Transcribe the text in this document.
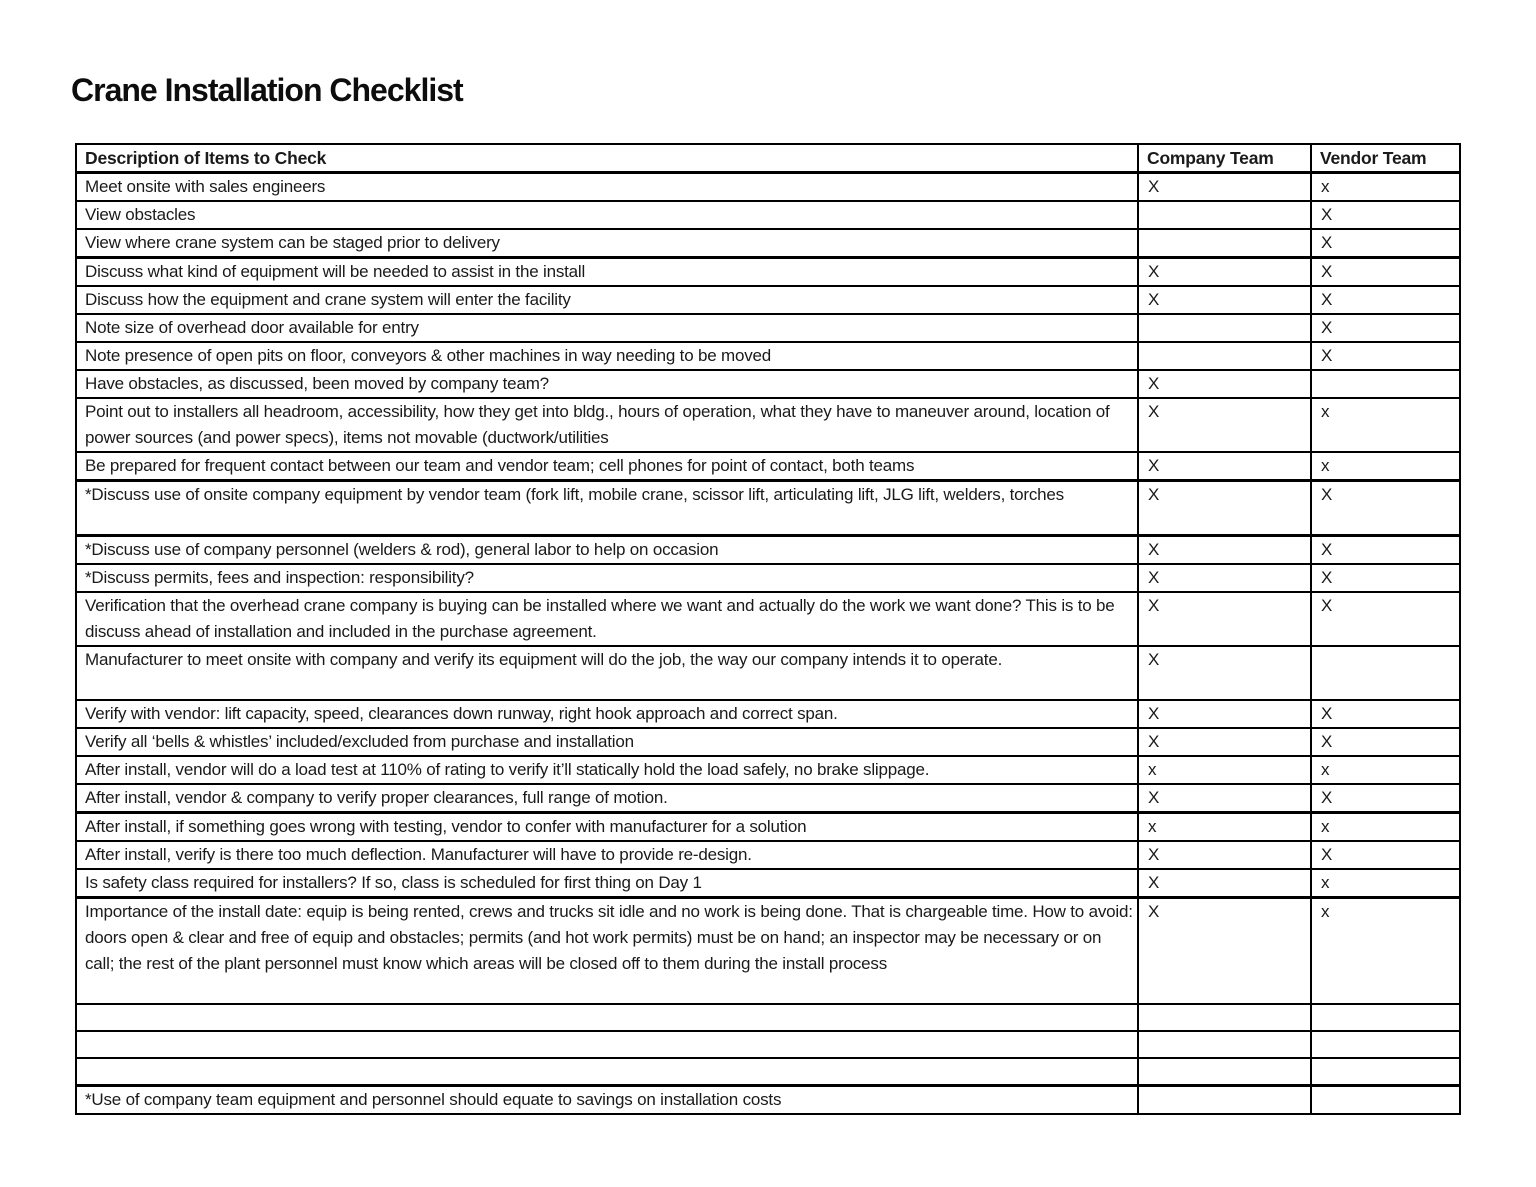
Crane Installation Checklist
Description of Items to Check	Company Team	Vendor Team
Meet onsite with sales engineers	X	x
View obstacles		X
View where crane system can be staged prior to delivery		X
Discuss what kind of equipment will be needed to assist in the install	X	X
Discuss how the equipment and crane system will enter the facility	X	X
Note size of overhead door available for entry		X
Note presence of open pits on floor, conveyors & other machines in way needing to be moved		X
Have obstacles, as discussed, been moved by company team?	X	
Point out to installers all headroom, accessibility, how they get into bldg., hours of operation, what they have to maneuver around, location of power sources (and power specs), items not movable (ductwork/utilities	X	x
Be prepared for frequent contact between our team and vendor team; cell phones for point of contact, both teams	X	x
*Discuss use of onsite company equipment by vendor team (fork lift, mobile crane, scissor lift, articulating lift, JLG lift, welders, torches	X	X
*Discuss use of company personnel (welders & rod), general labor to help on occasion	X	X
*Discuss permits, fees and inspection: responsibility?	X	X
Verification that the overhead crane company is buying can be installed where we want and actually do the work we want done? This is to be discuss ahead of installation and included in the purchase agreement.	X	X
Manufacturer to meet onsite with company and verify its equipment will do the job, the way our company intends it to operate.	X	
Verify with vendor: lift capacity, speed, clearances down runway, right hook approach and correct span.	X	X
Verify all ‘bells & whistles’ included/excluded from purchase and installation	X	X
After install, vendor will do a load test at 110% of rating to verify it’ll statically hold the load safely, no brake slippage.	x	x
After install, vendor & company to verify proper clearances, full range of motion.	X	X
After install, if something goes wrong with testing, vendor to confer with manufacturer for a solution	x	x
After install, verify is there too much deflection. Manufacturer will have to provide re-design.	X	X
Is safety class required for installers? If so, class is scheduled for first thing on Day 1	X	x
Importance of the install date: equip is being rented, crews and trucks sit idle and no work is being done. That is chargeable time. How to avoid: doors open & clear and free of equip and obstacles; permits (and hot work permits) must be on hand; an inspector may be necessary or on call; the rest of the plant personnel must know which areas will be closed off to them during the install process	X	x

*Use of company team equipment and personnel should equate to savings on installation costs		
